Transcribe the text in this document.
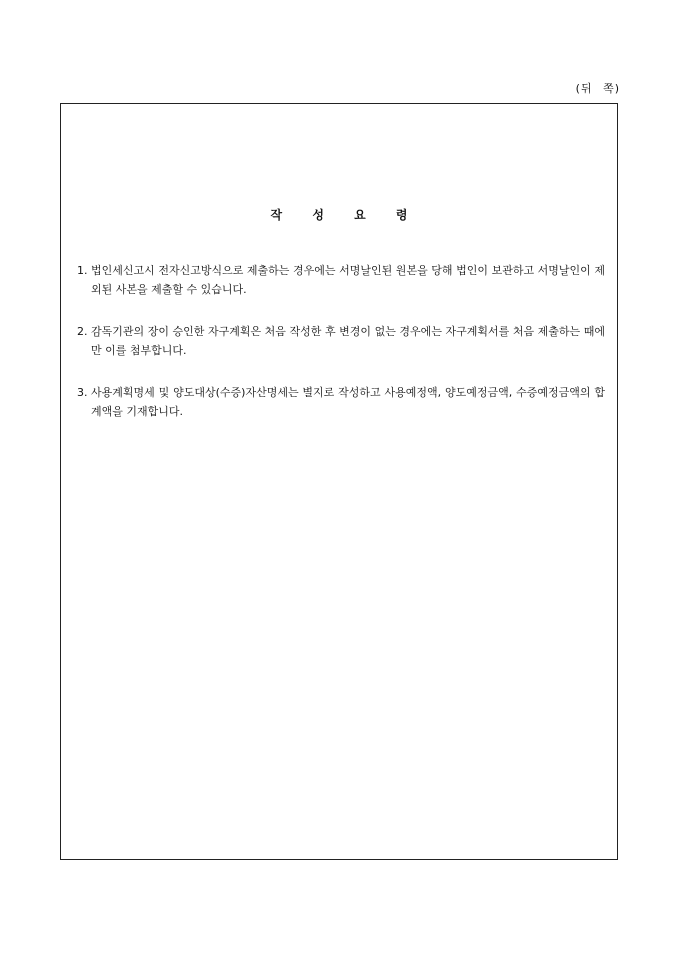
(뒤 쪽)
작 성 요 령
1. 법인세신고시 전자신고방식으로 제출하는 경우에는 서명날인된 원본을 당해 법인이 보관하고 서명날인이 제외된 사본을 제출할 수 있습니다.
2. 감독기관의 장이 승인한 자구계획은 처음 작성한 후 변경이 없는 경우에는 자구계획서를 처음 제출하는 때에만 이를 첨부합니다.
3. 사용계획명세 및 양도대상(수증)자산명세는 별지로 작성하고 사용예정액, 양도예정금액, 수증예정금액의 합계액을 기재합니다.
